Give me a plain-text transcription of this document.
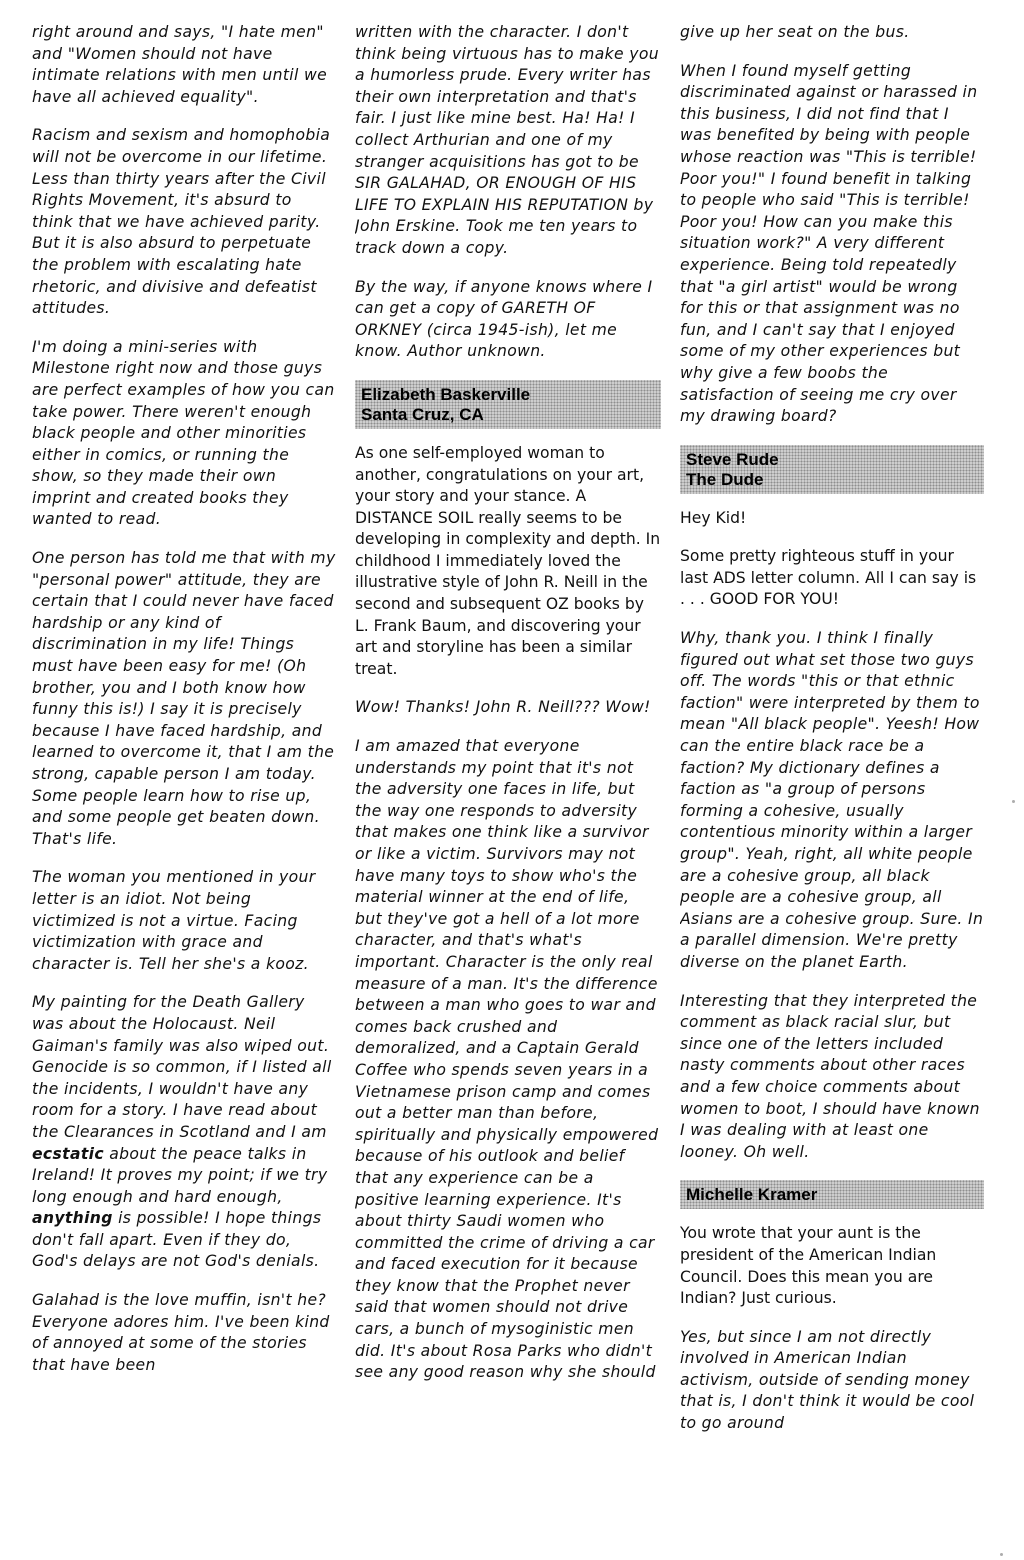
right around and says, "I hate men" and "Women should not have intimate relations with men until we have all achieved equality".

Racism and sexism and homophobia will not be overcome in our lifetime. Less than thirty years after the Civil Rights Movement, it's absurd to think that we have achieved parity. But it is also absurd to perpetuate the problem with escalating hate rhetoric, and divisive and defeatist attitudes.

I'm doing a mini-series with Milestone right now and those guys are perfect examples of how you can take power. There weren't enough black people and other minorities either in comics, or running the show, so they made their own imprint and created books they wanted to read.

One person has told me that with my "personal power" attitude, they are certain that I could never have faced hardship or any kind of discrimination in my life! Things must have been easy for me! (Oh brother, you and I both know how funny this is!) I say it is precisely because I have faced hardship, and learned to overcome it, that I am the strong, capable person I am today. Some people learn how to rise up, and some people get beaten down. That's life.

The woman you mentioned in your letter is an idiot. Not being victimized is not a virtue. Facing victimization with grace and character is. Tell her she's a kooz.

My painting for the Death Gallery was about the Holocaust. Neil Gaiman's family was also wiped out. Genocide is so common, if I listed all the incidents, I wouldn't have any room for a story. I have read about the Clearances in Scotland and I am ecstatic about the peace talks in Ireland! It proves my point; if we try long enough and hard enough, anything is possible! I hope things don't fall apart. Even if they do, God's delays are not God's denials.

Galahad is the love muffin, isn't he? Everyone adores him. I've been kind of annoyed at some of the stories that have been

written with the character. I don't think being virtuous has to make you a humorless prude. Every writer has their own interpretation and that's fair. I just like mine best. Ha! Ha! I collect Arthurian and one of my stranger acquisitions has got to be SIR GALAHAD, OR ENOUGH OF HIS LIFE TO EXPLAIN HIS REPUTATION by John Erskine. Took me ten years to track down a copy.

By the way, if anyone knows where I can get a copy of GARETH OF ORKNEY (circa 1945-ish), let me know. Author unknown.

Elizabeth Baskerville
Santa Cruz, CA

As one self-employed woman to another, congratulations on your art, your story and your stance. A DISTANCE SOIL really seems to be developing in complexity and depth. In childhood I immediately loved the illustrative style of John R. Neill in the second and subsequent OZ books by L. Frank Baum, and discovering your art and storyline has been a similar treat.

Wow! Thanks! John R. Neill??? Wow!

I am amazed that everyone understands my point that it's not the adversity one faces in life, but the way one responds to adversity that makes one think like a survivor or like a victim. Survivors may not have many toys to show who's the material winner at the end of life, but they've got a hell of a lot more character, and that's what's important. Character is the only real measure of a man. It's the difference between a man who goes to war and comes back crushed and demoralized, and a Captain Gerald Coffee who spends seven years in a Vietnamese prison camp and comes out a better man than before, spiritually and physically empowered because of his outlook and belief that any experience can be a positive learning experience. It's about thirty Saudi women who committed the crime of driving a car and faced execution for it because they know that the Prophet never said that women should not drive cars, a bunch of mysoginistic men did. It's about Rosa Parks who didn't see any good reason why she should

give up her seat on the bus.

When I found myself getting discriminated against or harassed in this business, I did not find that I was benefited by being with people whose reaction was "This is terrible! Poor you!" I found benefit in talking to people who said "This is terrible! Poor you! How can you make this situation work?" A very different experience. Being told repeatedly that "a girl artist" would be wrong for this or that assignment was no fun, and I can't say that I enjoyed some of my other experiences but why give a few boobs the satisfaction of seeing me cry over my drawing board?

Steve Rude
The Dude

Hey Kid!

Some pretty righteous stuff in your last ADS letter column. All I can say is . . . GOOD FOR YOU!

Why, thank you. I think I finally figured out what set those two guys off. The words "this or that ethnic faction" were interpreted by them to mean "All black people". Yeesh! How can the entire black race be a faction? My dictionary defines a faction as "a group of persons forming a cohesive, usually contentious minority within a larger group". Yeah, right, all white people are a cohesive group, all black people are a cohesive group, all Asians are a cohesive group. Sure. In a parallel dimension. We're pretty diverse on the planet Earth.

Interesting that they interpreted the comment as black racial slur, but since one of the letters included nasty comments about other races and a few choice comments about women to boot, I should have known I was dealing with at least one looney. Oh well.

Michelle Kramer

You wrote that your aunt is the president of the American Indian Council. Does this mean you are Indian? Just curious.

Yes, but since I am not directly involved in American Indian activism, outside of sending money that is, I don't think it would be cool to go around
